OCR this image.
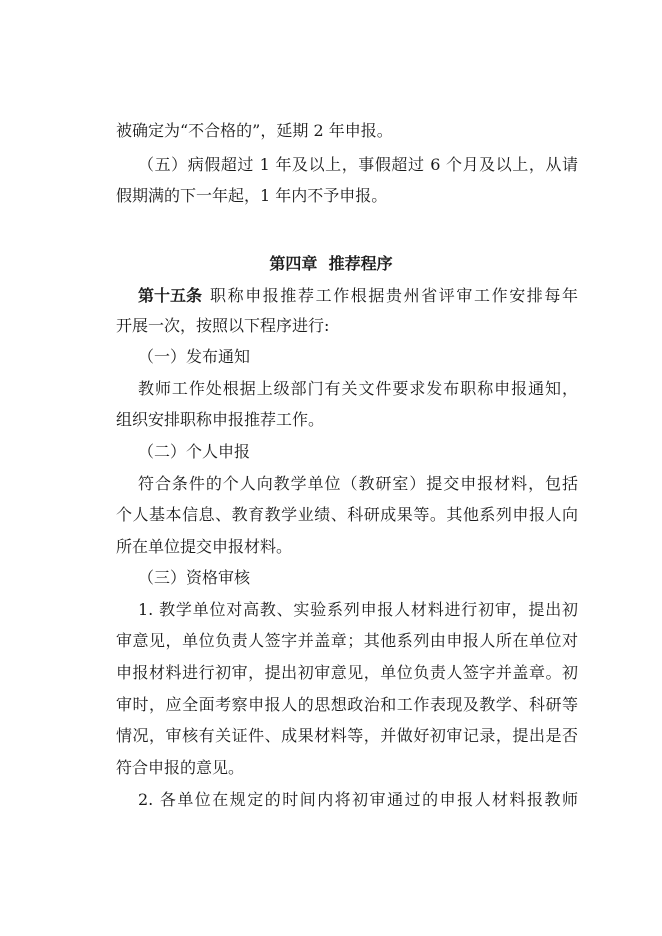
被确定为“不合格的”，延期 2 年申报。
（五）病假超过 1 年及以上，事假超过 6 个月及以上，从请
假期满的下一年起，1 年内不予申报。
第四章  推荐程序
第十五条 职称申报推荐工作根据贵州省评审工作安排每年
开展一次，按照以下程序进行:
（一）发布通知
教师工作处根据上级部门有关文件要求发布职称申报通知，
组织安排职称申报推荐工作。
（二）个人申报
符合条件的个人向教学单位（教研室）提交申报材料，包括
个人基本信息、教育教学业绩、科研成果等。其他系列申报人向
所在单位提交申报材料。
（三）资格审核
1. 教学单位对高教、实验系列申报人材料进行初审，提出初
审意见，单位负责人签字并盖章；其他系列由申报人所在单位对
申报材料进行初审，提出初审意见，单位负责人签字并盖章。初
审时，应全面考察申报人的思想政治和工作表现及教学、科研等
情况，审核有关证件、成果材料等，并做好初审记录，提出是否
符合申报的意见。
2. 各单位在规定的时间内将初审通过的申报人材料报教师
